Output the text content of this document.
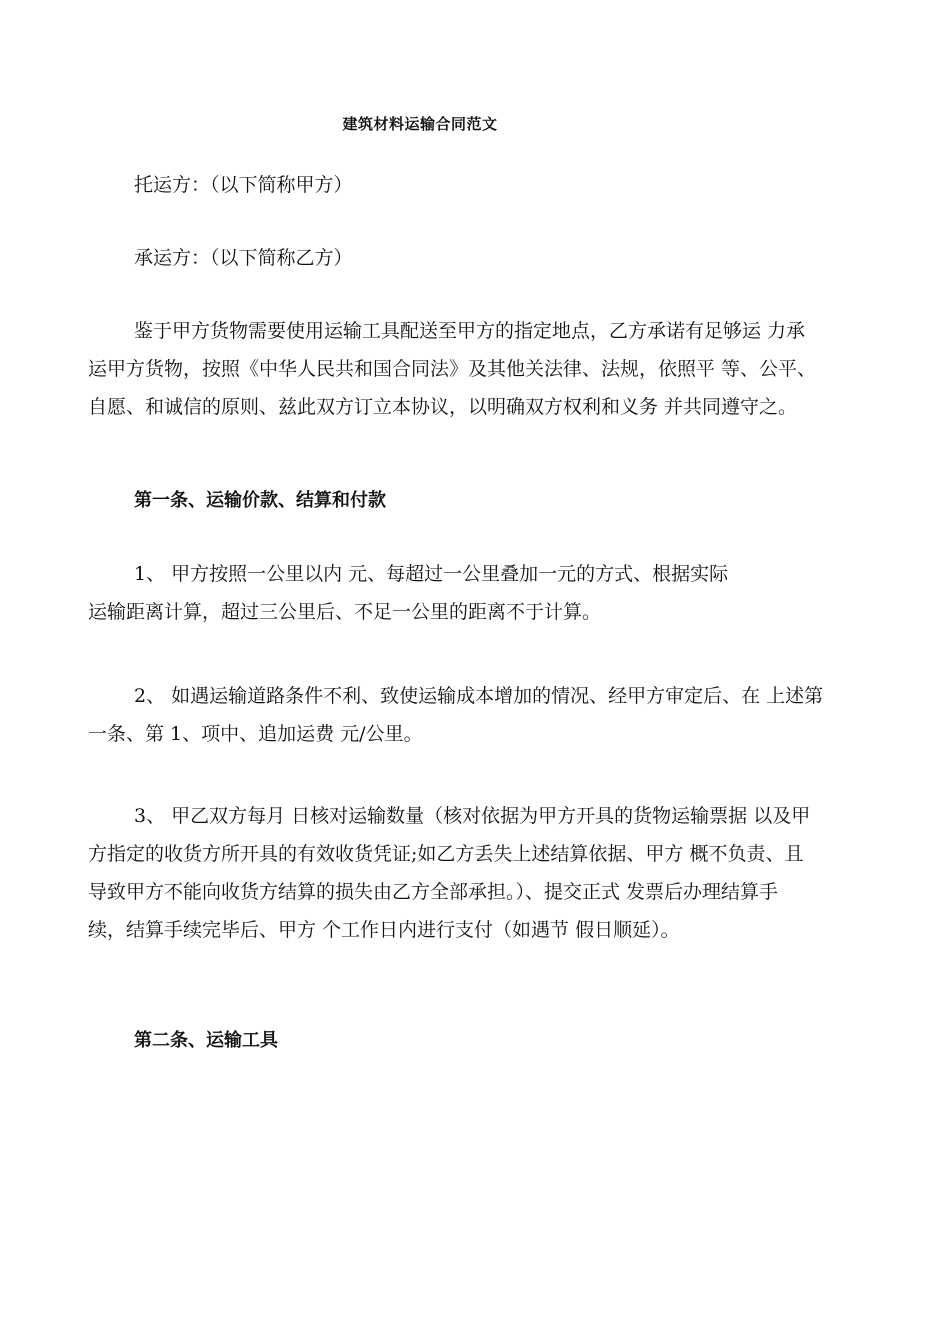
建筑材料运输合同范文
托运方：（以下简称甲方）
承运方：（以下简称乙方）
鉴于甲方货物需要使用运输工具配送至甲方的指定地点，乙方承诺有足够运 力承
运甲方货物，按照《中华人民共和国合同法》及其他关法律、法规，依照平 等、公平、
自愿、和诚信的原则、兹此双方订立本协议，以明确双方权利和义务 并共同遵守之。
第一条、运输价款、结算和付款
1、 甲方按照一公里以内 元、每超过一公里叠加一元的方式、根据实际
运输距离计算，超过三公里后、不足一公里的距离不于计算。
2、 如遇运输道路条件不利、致使运输成本增加的情况、经甲方审定后、在 上述第
一条、第 1、项中、追加运费 元/公里。
3、 甲乙双方每月 日核对运输数量（核对依据为甲方开具的货物运输票据 以及甲
方指定的收货方所开具的有效收货凭证;如乙方丢失上述结算依据、甲方 概不负责、且
导致甲方不能向收货方结算的损失由乙方全部承担。）、提交正式 发票后办理结算手
续，结算手续完毕后、甲方 个工作日内进行支付（如遇节 假日顺延）。
第二条、运输工具
